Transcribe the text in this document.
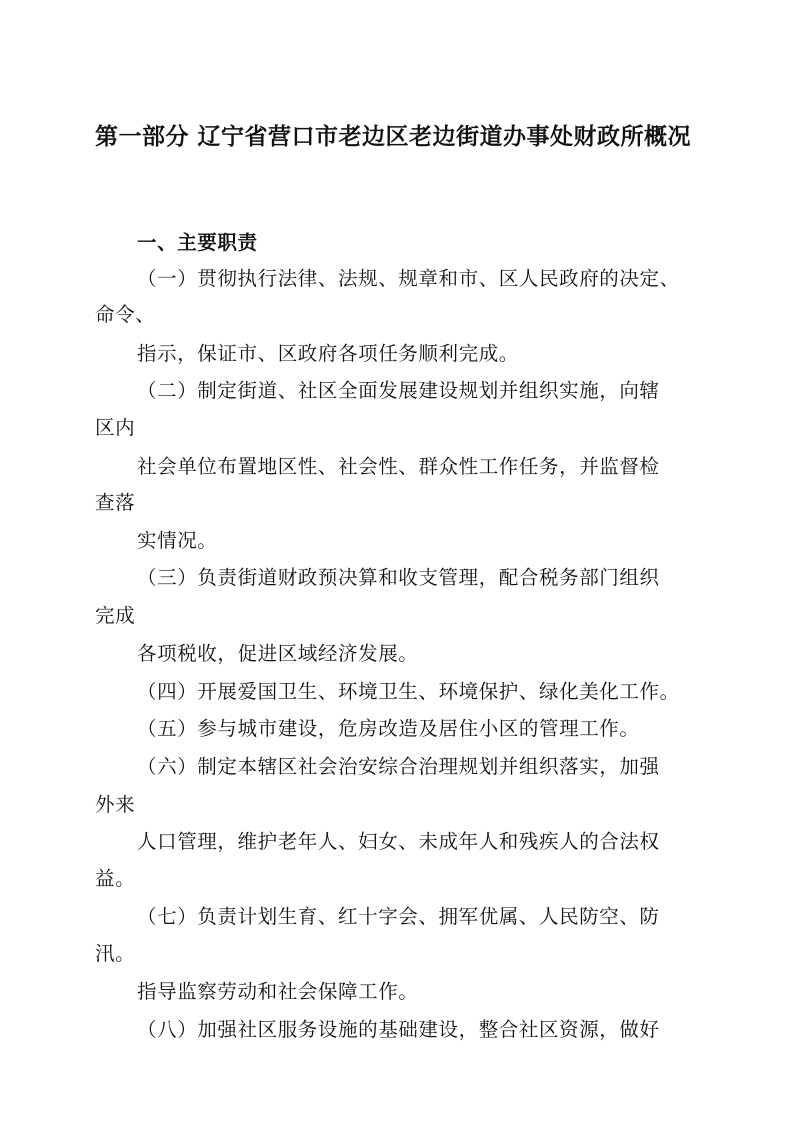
第一部分 辽宁省营口市老边区老边街道办事处财政所概况
一、主要职责
（一）贯彻执行法律、法规、规章和市、区人民政府的决定、
命令、
指示，保证市、区政府各项任务顺利完成。
（二）制定街道、社区全面发展建设规划并组织实施，向辖
区内
社会单位布置地区性、社会性、群众性工作任务，并监督检
查落
实情况。
（三）负责街道财政预决算和收支管理，配合税务部门组织
完成
各项税收，促进区域经济发展。
（四）开展爱国卫生、环境卫生、环境保护、绿化美化工作。
（五）参与城市建设，危房改造及居住小区的管理工作。
（六）制定本辖区社会治安综合治理规划并组织落实，加强
外来
人口管理，维护老年人、妇女、未成年人和残疾人的合法权
益。
（七）负责计划生育、红十字会、拥军优属、人民防空、防
汛。
指导监察劳动和社会保障工作。
（八）加强社区服务设施的基础建设，整合社区资源，做好
